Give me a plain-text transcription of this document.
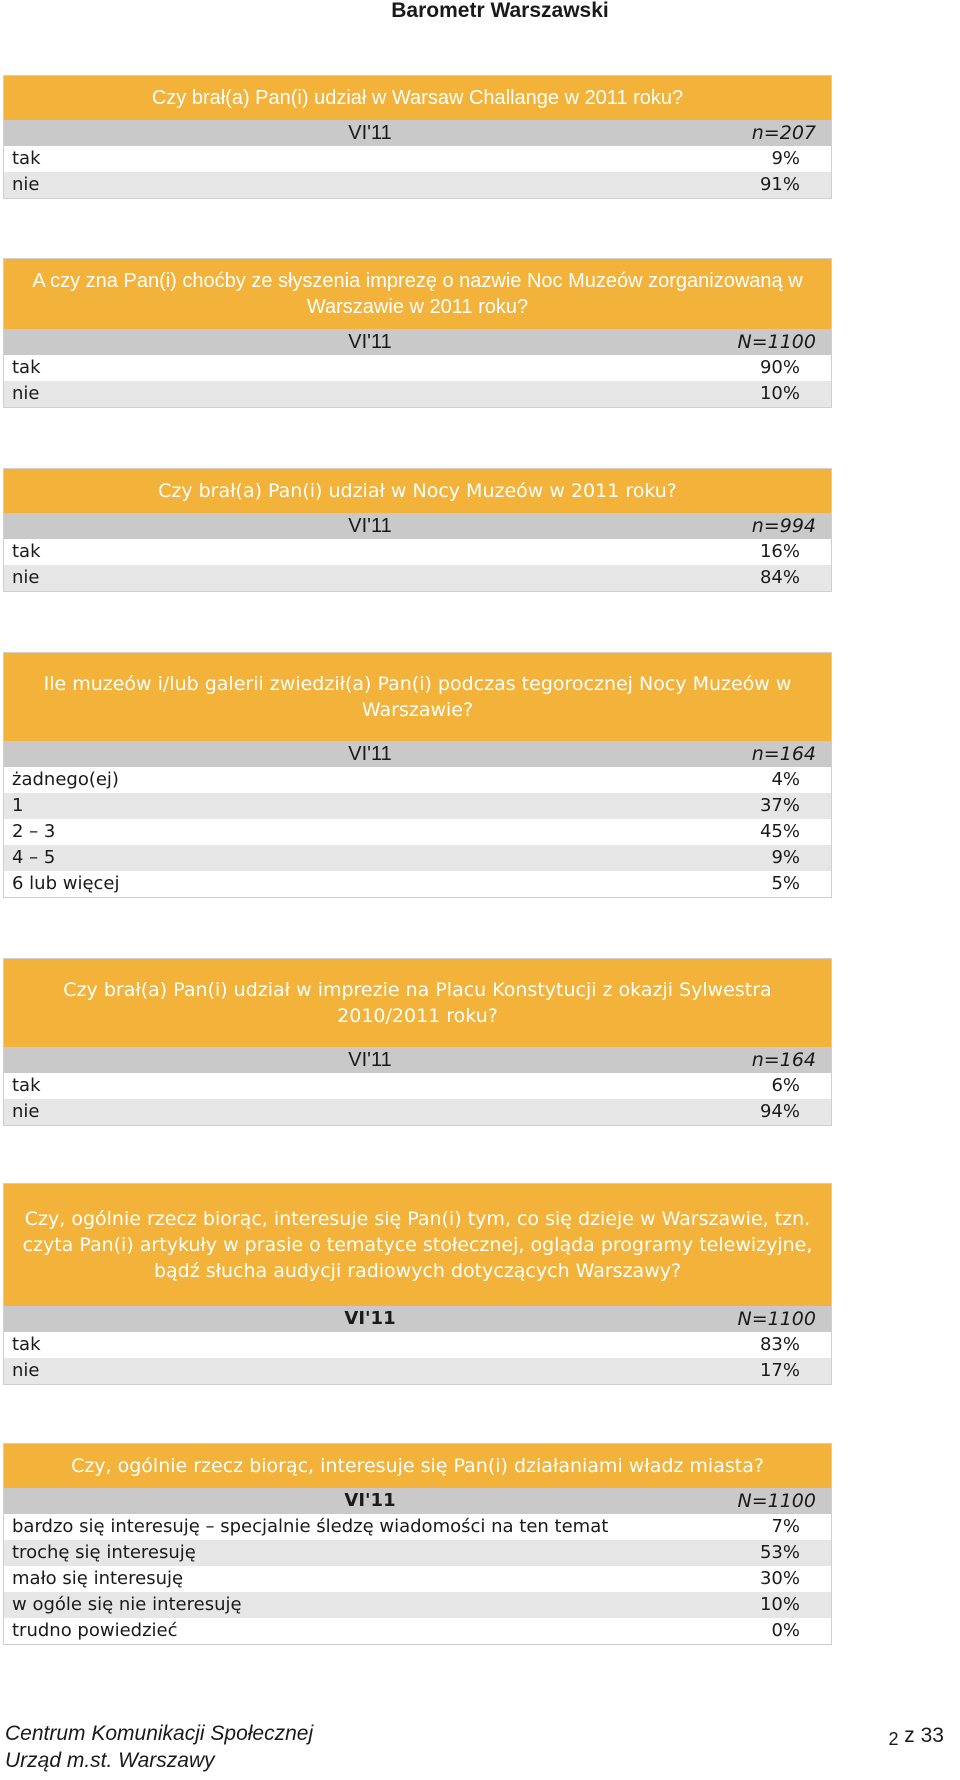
Barometr Warszawski
Czy brał(a) Pan(i) udział w Warsaw Challange w 2011 roku?
VI'11	n=207
tak	9%
nie	91%
A czy zna Pan(i) choćby ze słyszenia imprezę o nazwie Noc Muzeów zorganizowaną w Warszawie w 2011 roku?
VI'11	N=1100
tak	90%
nie	10%
Czy brał(a) Pan(i) udział w Nocy Muzeów w 2011 roku?
VI'11	n=994
tak	16%
nie	84%
Ile muzeów i/lub galerii zwiedził(a) Pan(i) podczas tegorocznej Nocy Muzeów w Warszawie?
VI'11	n=164
żadnego(ej)	4%
1	37%
2 – 3	45%
4 – 5	9%
6 lub więcej	5%
Czy brał(a) Pan(i) udział w imprezie na Placu Konstytucji z okazji Sylwestra 2010/2011 roku?
VI'11	n=164
tak	6%
nie	94%
Czy, ogólnie rzecz biorąc, interesuje się Pan(i) tym, co się dzieje w Warszawie, tzn. czyta Pan(i) artykuły w prasie o tematyce stołecznej, ogląda programy telewizyjne, bądź słucha audycji radiowych dotyczących Warszawy?
VI'11	N=1100
tak	83%
nie	17%
Czy, ogólnie rzecz biorąc, interesuje się Pan(i) działaniami władz miasta?
VI'11	N=1100
bardzo się interesuję – specjalnie śledzę wiadomości na ten temat	7%
trochę się interesuję	53%
mało się interesuję	30%
w ogóle się nie interesuję	10%
trudno powiedzieć	0%
Centrum Komunikacji Społecznej
Urząd m.st. Warszawy
2 z 33
